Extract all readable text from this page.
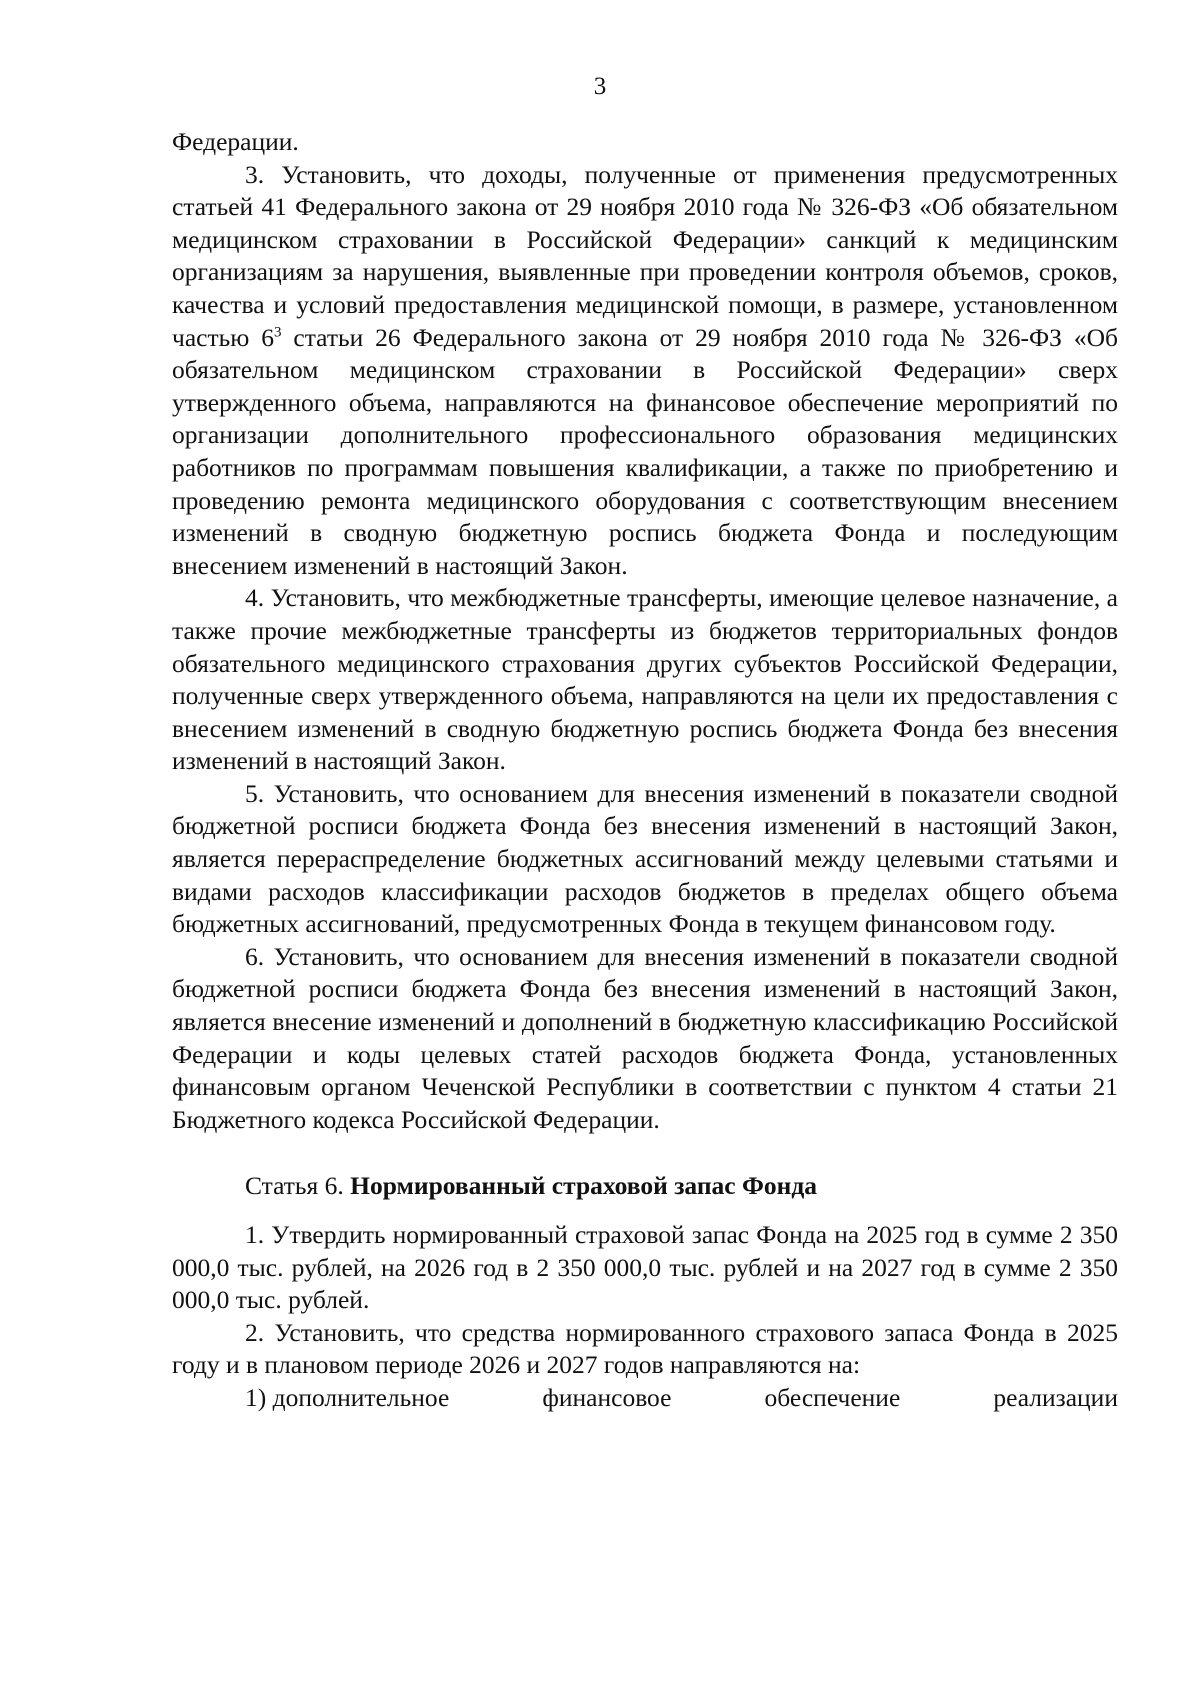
3

Федерации.

3. Установить, что доходы, полученные от применения предусмотренных статьей 41 Федерального закона от 29 ноября 2010 года № 326-ФЗ «Об обязательном медицинском страховании в Российской Федерации» санкций к медицинским организациям за нарушения, выявленные при проведении контроля объемов, сроков, качества и условий предоставления медицинской помощи, в размере, установленном частью $6^3$ статьи 26 Федерального закона от 29 ноября 2010 года № 326-ФЗ «Об обязательном медицинском страховании в Российской Федерации» сверх утвержденного объема, направляются на финансовое обеспечение мероприятий по организации дополнительного профессионального образования медицинских работников по программам повышения квалификации, а также по приобретению и проведению ремонта медицинского оборудования с соответствующим внесением изменений в сводную бюджетную роспись бюджета Фонда и последующим внесением изменений в настоящий Закон.

4. Установить, что межбюджетные трансферты, имеющие целевое назначение, а также прочие межбюджетные трансферты из бюджетов территориальных фондов обязательного медицинского страхования других субъектов Российской Федерации, полученные сверх утвержденного объема, направляются на цели их предоставления с внесением изменений в сводную бюджетную роспись бюджета Фонда без внесения изменений в настоящий Закон.

5. Установить, что основанием для внесения изменений в показатели сводной бюджетной росписи бюджета Фонда без внесения изменений в настоящий Закон, является перераспределение бюджетных ассигнований между целевыми статьями и видами расходов классификации расходов бюджетов в пределах общего объема бюджетных ассигнований, предусмотренных Фонда в текущем финансовом году.

6. Установить, что основанием для внесения изменений в показатели сводной бюджетной росписи бюджета Фонда без внесения изменений в настоящий Закон, является внесение изменений и дополнений в бюджетную классификацию Российской Федерации и коды целевых статей расходов бюджета Фонда, установленных финансовым органом Чеченской Республики в соответствии с пунктом 4 статьи 21 Бюджетного кодекса Российской Федерации.

Статья 6. Нормированный страховой запас Фонда

1. Утвердить нормированный страховой запас Фонда на 2025 год в сумме 2 350 000,0 тыс. рублей, на 2026 год в 2 350 000,0 тыс. рублей и на 2027 год в сумме 2 350 000,0 тыс. рублей.

2. Установить, что средства нормированного страхового запаса Фонда в 2025 году и в плановом периоде 2026 и 2027 годов направляются на:

1) дополнительное	финансовое	обеспечение	реализации
